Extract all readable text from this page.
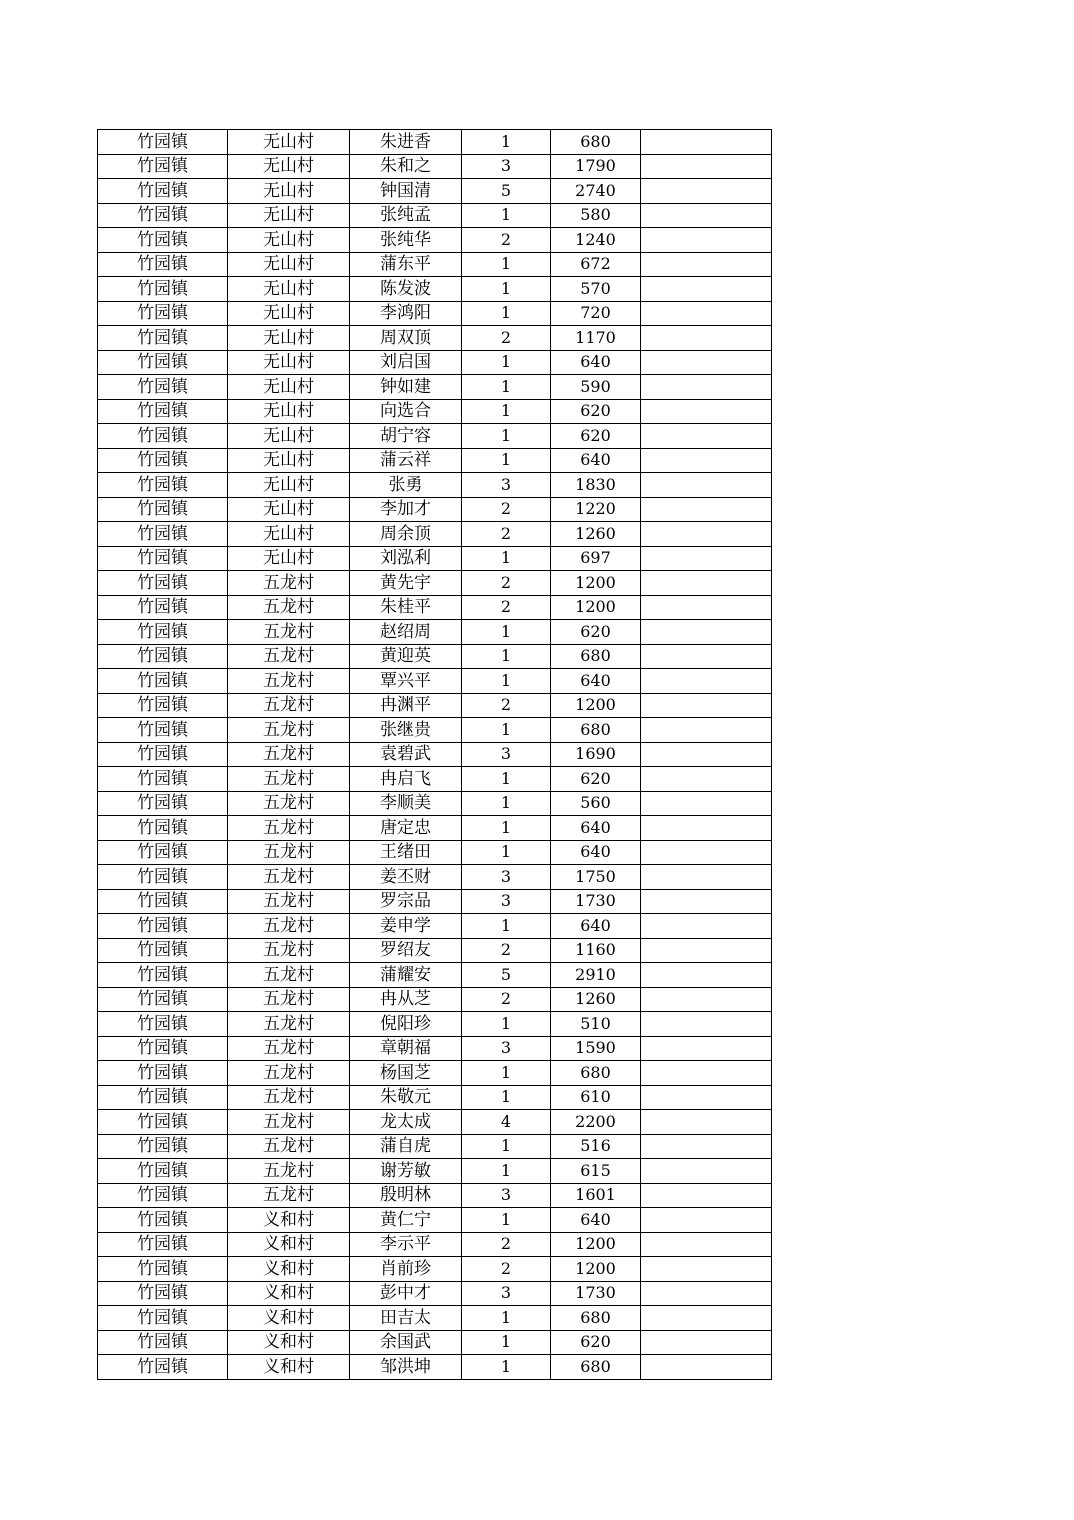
竹园镇	无山村	朱进香	1	680	
竹园镇	无山村	朱和之	3	1790	
竹园镇	无山村	钟国清	5	2740	
竹园镇	无山村	张纯孟	1	580	
竹园镇	无山村	张纯华	2	1240	
竹园镇	无山村	蒲东平	1	672	
竹园镇	无山村	陈发波	1	570	
竹园镇	无山村	李鸿阳	1	720	
竹园镇	无山村	周双顶	2	1170	
竹园镇	无山村	刘启国	1	640	
竹园镇	无山村	钟如建	1	590	
竹园镇	无山村	向选合	1	620	
竹园镇	无山村	胡宁容	1	620	
竹园镇	无山村	蒲云祥	1	640	
竹园镇	无山村	张勇	3	1830	
竹园镇	无山村	李加才	2	1220	
竹园镇	无山村	周余顶	2	1260	
竹园镇	无山村	刘泓利	1	697	
竹园镇	五龙村	黄先宇	2	1200	
竹园镇	五龙村	朱桂平	2	1200	
竹园镇	五龙村	赵绍周	1	620	
竹园镇	五龙村	黄迎英	1	680	
竹园镇	五龙村	覃兴平	1	640	
竹园镇	五龙村	冉渊平	2	1200	
竹园镇	五龙村	张继贵	1	680	
竹园镇	五龙村	袁碧武	3	1690	
竹园镇	五龙村	冉启飞	1	620	
竹园镇	五龙村	李顺美	1	560	
竹园镇	五龙村	唐定忠	1	640	
竹园镇	五龙村	王绪田	1	640	
竹园镇	五龙村	姜丕财	3	1750	
竹园镇	五龙村	罗宗品	3	1730	
竹园镇	五龙村	姜申学	1	640	
竹园镇	五龙村	罗绍友	2	1160	
竹园镇	五龙村	蒲耀安	5	2910	
竹园镇	五龙村	冉从芝	2	1260	
竹园镇	五龙村	倪阳珍	1	510	
竹园镇	五龙村	章朝福	3	1590	
竹园镇	五龙村	杨国芝	1	680	
竹园镇	五龙村	朱敬元	1	610	
竹园镇	五龙村	龙太成	4	2200	
竹园镇	五龙村	蒲自虎	1	516	
竹园镇	五龙村	谢芳敏	1	615	
竹园镇	五龙村	殷明林	3	1601	
竹园镇	义和村	黄仁宁	1	640	
竹园镇	义和村	李示平	2	1200	
竹园镇	义和村	肖前珍	2	1200	
竹园镇	义和村	彭中才	3	1730	
竹园镇	义和村	田吉太	1	680	
竹园镇	义和村	余国武	1	620	
竹园镇	义和村	邹洪坤	1	680	
